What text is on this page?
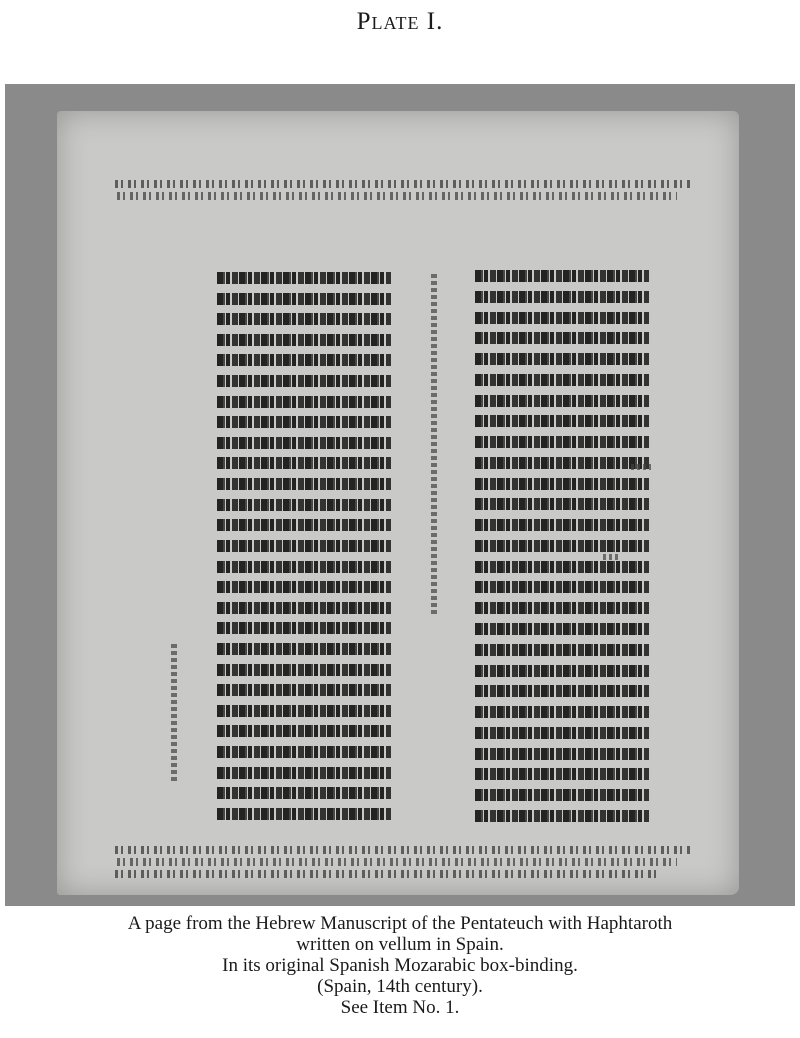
Plate I.
A page from the Hebrew Manuscript of the Pentateuch with Haphtaroth
written on vellum in Spain.
In its original Spanish Mozarabic box-binding.
(Spain, 14th century).
See Item No. 1.
